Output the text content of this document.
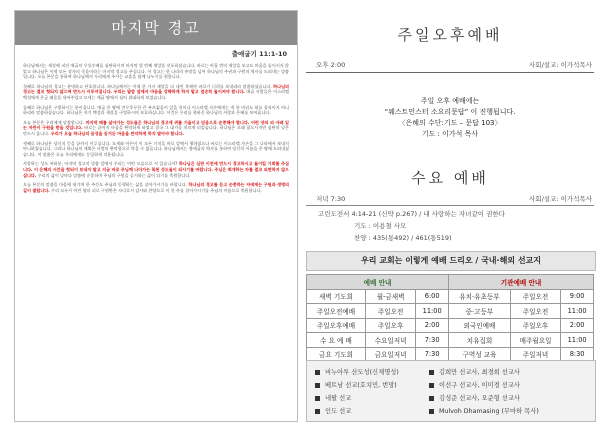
마지막 경고
출애굽기 11:1-10

하나님께서는 세상에 퍼진 애굽의 우상숭배를 심판하시며 마지막 열 번째 재앙을 선포하셨습니다. 바로는 아홉 번의 재앙을 보고도 마음을 돌이키지 않았고 하나님은 이제 모든 장자의 죽음이라는 마지막 경고를 주십니다. 이 경고는 한 나라의 흥망을 넘어 하나님의 주권과 구원의 역사를 드러내는 말씀입니다. 오늘 본문을 통하여 하나님께서 우리에게 주시는 교훈을 함께 나누기를 원합니다.

첫째로 하나님의 경고는 분명하고 단호합니다. 하나님께서는 이제 한 가지 재앙을 더 내린 후에야 바로가 너희를 보내리라 말씀하셨습니다. 하나님의 경고는 결코 헛되지 않으며 반드시 이루어집니다. 우리는 말씀 앞에서 마음을 강퍅하게 하지 말고 겸손히 돌이켜야 합니다. 애굽 사람들은 이스라엘 백성에게 은금 패물을 내어주었고 모세는 애굽 땅에서 심히 위대하게 보였습니다.

둘째로 하나님은 구별하시는 분이십니다. 애굽 온 땅에 전무후무한 큰 부르짖음이 있을 것이나 이스라엘 자손에게는 개 한 마리도 혀를 움직이지 아니하리라 말씀하셨습니다. 하나님은 자기 백성과 세상을 구별하시며 보호하십니다. 이것은 우리를 향하신 하나님의 사랑과 은혜를 보여줍니다.

오늘 본문은 우리에게 말씀합니다. 마지막 때를 살아가는 성도들은 하나님의 경고에 귀를 기울이고 믿음으로 순종해야 합니다. 어린 양의 피 아래 있는 자만이 구원을 받을 것입니다. 바로는 끝까지 마음을 완악하게 하였고 결국 그 대가를 치르게 되었습니다. 하나님은 오래 참으시지만 심판의 날은 반드시 옵니다. 우리가 오늘 하나님의 음성을 듣거든 마음을 완악하게 하지 말아야 합니다.

셋째로 하나님은 당신의 뜻을 끝까지 이루십니다. 모세와 아론이 이 모든 기적을 바로 앞에서 행하였으나 바로는 이스라엘 자손을 그 나라에서 보내지 아니하였습니다. 그러나 하나님의 계획은 사람의 완악함으로 막을 수 없습니다. 하나님께서는 출애굽의 역사를 통하여 당신의 이름을 온 땅에 드러내셨습니다. 이 말씀은 오늘 우리에게도 동일하게 적용됩니다.

사랑하는 성도 여러분, 마지막 경고의 말씀 앞에서 우리는 어떤 모습으로 서 있습니까? 하나님은 심판 이전에 반드시 경고하시고 돌이킬 기회를 주십니다. 이 은혜의 시간을 헛되이 보내지 말고 지금 바로 주님께 나아가는 복된 성도들이 되시기를 바랍니다. 주님은 회개하는 자를 결코 외면하지 않으십니다. 우리의 삶이 날마다 말씀에 순종하며 주님의 구원을 증거하는 삶이 되기를 축원합니다.

오늘 본문의 말씀을 마음에 새기며 한 주간도 주님과 동행하는 삶을 살아가시기를 바랍니다. 하나님의 경고를 듣고 순종하는 자에게는 구원과 생명의 길이 열립니다. 우리 모두가 어린 양의 피로 구원받은 자녀로서 감사와 찬양으로 이 한 주를 살아가시기를 주님의 이름으로 축원합니다.

주일오후예배
오후 2:00	사회/설교: 이가석목사
주일 오후 예배에는
“웨스트민스터 소요리문답” 이 진행됩니다.
〈은혜의 수단:기도 – 문답 103〉
기도 : 이가석 목사
수요 예배
저녁 7:30	사회/설교: 이가석목사
고린도전서 4:14-21 (신약 p.267) / 내 사랑하는 자녀같이 권한다
기도 : 이용철 사모
찬양 : 435(통492) / 461(통519)
우리 교회는 이렇게 예배 드리오 / 국내·해외 선교지
예배 안내			기관예배 안내		
새벽 기도회	월-금새벽	6:00	유치·유초등부	주일오전	9:00
주일오전예배	주일오전	11:00	중·고등부	주일오전	11:00
주일오후예배	주일오후	2:00	외국인예배	주일오후	2:00
수 요 예 배	수요일저녁	7:30	치유집회	매주월요일	11:00
금요 기도회	금요일저녁	7:30	구역성 교육	주일저녁	8:30
비누아투 산도성(신제명성)	김희만 선교사, 최경희 선교사
베트남 선교(호치민, 번망)	이선구 선교사, 이미경 선교사
네팔 선교	김성준 선교사, 오준형 선교사
인도 선교	Mulvoh Dhamasing (무마하 목사)
